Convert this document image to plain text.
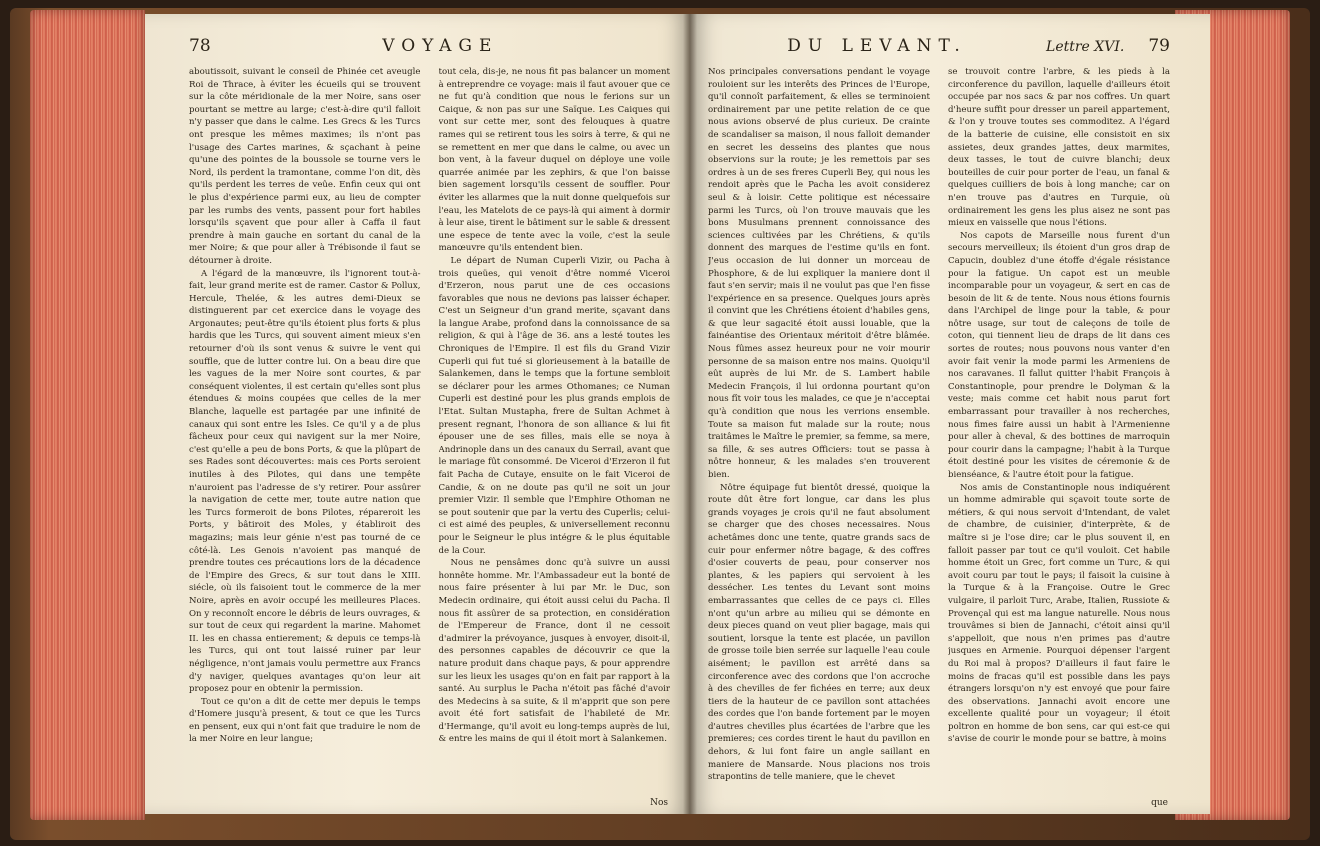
78	VOYAGE

aboutissoit, suivant le conseil de Phinée cet aveugle Roi de Thrace, à éviter les écueils qui se trouvent sur la côte méridionale de la mer Noire, sans oser pourtant se mettre au large; c'est-à-dire qu'il falloit n'y passer que dans le calme. Les Grecs & les Turcs ont presque les mêmes maximes; ils n'ont pas l'usage des Cartes marines, & sçachant à peine qu'une des pointes de la boussole se tourne vers le Nord, ils perdent la tramontane, comme l'on dit, dès qu'ils perdent les terres de veûe. Enfin ceux qui ont le plus d'expérience parmi eux, au lieu de compter par les rumbs des vents, passent pour fort habiles lorsqu'ils sçavent que pour aller à Caffa il faut prendre à main gauche en sortant du canal de la mer Noire; & que pour aller à Trébisonde il faut se détourner à droite.

A l'égard de la manœuvre, ils l'ignorent tout-à-fait, leur grand merite est de ramer. Castor & Pollux, Hercule, Thelée, & les autres demi-Dieux se distinguerent par cet exercice dans le voyage des Argonautes; peut-être qu'ils étoient plus forts & plus hardis que les Turcs, qui souvent aiment mieux s'en retourner d'où ils sont venus & suivre le vent qui souffle, que de lutter contre lui. On a beau dire que les vagues de la mer Noire sont courtes, & par conséquent violentes, il est certain qu'elles sont plus étendues & moins coupées que celles de la mer Blanche, laquelle est partagée par une infinité de canaux qui sont entre les Isles. Ce qu'il y a de plus fâcheux pour ceux qui navigent sur la mer Noire, c'est qu'elle a peu de bons Ports, & que la plûpart de ses Rades sont découvertes: mais ces Ports seroient inutiles à des Pilotes, qui dans une tempête n'auroient pas l'adresse de s'y retirer. Pour assûrer la navigation de cette mer, toute autre nation que les Turcs formeroit de bons Pilotes, répareroit les Ports, y bâtiroit des Moles, y établiroit des magazins; mais leur génie n'est pas tourné de ce côté-là. Les Genois n'avoient pas manqué de prendre toutes ces précautions lors de la décadence de l'Empire des Grecs, & sur tout dans le XIII. siécle, où ils faisoient tout le commerce de la mer Noire, après en avoir occupé les meilleures Places. On y reconnoît encore le débris de leurs ouvrages, & sur tout de ceux qui regardent la marine. Mahomet II. les en chassa entierement; & depuis ce temps-là les Turcs, qui ont tout laissé ruiner par leur négligence, n'ont jamais voulu permettre aux Francs d'y naviger, quelques avantages qu'on leur ait proposez pour en obtenir la permission.

Tout ce qu'on a dit de cette mer depuis le temps d'Homere jusqu'à present, & tout ce que les Turcs en pensent, eux qui n'ont fait que traduire le nom de la mer Noire en leur langue;

tout cela, dis-je, ne nous fit pas balancer un moment à entreprendre ce voyage: mais il faut avouer que ce ne fut qu'à condition que nous le ferions sur un Caique, & non pas sur une Saïque. Les Caiques qui vont sur cette mer, sont des felouques à quatre rames qui se retirent tous les soirs à terre, & qui ne se remettent en mer que dans le calme, ou avec un bon vent, à la faveur duquel on déploye une voile quarrée animée par les zephirs, & que l'on baisse bien sagement lorsqu'ils cessent de souffler. Pour éviter les allarmes que la nuit donne quelquefois sur l'eau, les Matelots de ce pays-là qui aiment à dormir à leur aise, tirent le bâtiment sur le sable & dressent une espece de tente avec la voile, c'est la seule manœuvre qu'ils entendent bien.

Le départ de Numan Cuperli Vizir, ou Pacha à trois queües, qui venoit d'être nommé Viceroi d'Erzeron, nous parut une de ces occasions favorables que nous ne devions pas laisser échaper. C'est un Seigneur d'un grand merite, sçavant dans la langue Arabe, profond dans la connoissance de sa religion, & qui à l'âge de 36. ans a lesté toutes les Chroniques de l'Empire. Il est fils du Grand Vizir Cuperli qui fut tué si glorieusement à la bataille de Salankemen, dans le temps que la fortune sembloit se déclarer pour les armes Othomanes; ce Numan Cuperli est destiné pour les plus grands emplois de l'Etat. Sultan Mustapha, frere de Sultan Achmet à present regnant, l'honora de son alliance & lui fit épouser une de ses filles, mais elle se noya à Andrinople dans un des canaux du Serrail, avant que le mariage fût consommé. De Viceroi d'Erzeron il fut fait Pacha de Cutaye, ensuite on le fait Viceroi de Candie, & on ne doute pas qu'il ne soit un jour premier Vizir. Il semble que l'Emphire Othoman ne se pout soutenir que par la vertu des Cuperlis; celui-ci est aimé des peuples, & universellement reconnu pour le Seigneur le plus intégre & le plus équitable de la Cour.

Nous ne pensâmes donc qu'à suivre un aussi honnête homme. Mr. l'Ambassadeur eut la bonté de nous faire présenter à lui par Mr. le Duc, son Medecin ordinaire, qui étoit aussi celui du Pacha. Il nous fit assûrer de sa protection, en considération de l'Empereur de France, dont il ne cessoit d'admirer la prévoyance, jusques à envoyer, disoit-il, des personnes capables de découvrir ce que la nature produit dans chaque pays, & pour apprendre sur les lieux les usages qu'on en fait par rapport à la santé. Au surplus le Pacha n'étoit pas fâché d'avoir des Medecins à sa suite, & il m'apprit que son pere avoit été fort satisfait de l'habileté de Mr. d'Hermange, qu'il avoit eu long-temps auprès de lui, & entre les mains de qui il étoit mort à Salankemen.

Nos
DU LEVANT.	Lettre XVI. 79

Nos principales conversations pendant le voyage rouloient sur les interêts des Princes de l'Europe, qu'il connoît parfaitement, & elles se terminoient ordinairement par une petite relation de ce que nous avions observé de plus curieux. De crainte de scandaliser sa maison, il nous falloit demander en secret les desseins des plantes que nous observions sur la route; je les remettois par ses ordres à un de ses freres Cuperli Bey, qui nous les rendoit après que le Pacha les avoit considerez seul & à loisir. Cette politique est nécessaire parmi les Turcs, où l'on trouve mauvais que les bons Musulmans prennent connoissance des sciences cultivées par les Chrétiens, & qu'ils donnent des marques de l'estime qu'ils en font. J'eus occasion de lui donner un morceau de Phosphore, & de lui expliquer la maniere dont il faut s'en servir; mais il ne voulut pas que l'en fisse l'expérience en sa presence. Quelques jours après il convint que les Chrétiens étoient d'habiles gens, & que leur sagacité étoit aussi louable, que la fainéantise des Orientaux méritoit d'être blâmée. Nous fûmes assez heureux pour ne voir mourir personne de sa maison entre nos mains. Quoiqu'il eût auprès de lui Mr. de S. Lambert habile Medecin François, il lui ordonna pourtant qu'on nous fît voir tous les malades, ce que je n'acceptai qu'à condition que nous les verrions ensemble. Toute sa maison fut malade sur la route; nous traitâmes le Maître le premier, sa femme, sa mere, sa fille, & ses autres Officiers: tout se passa à nôtre honneur, & les malades s'en trouverent bien.

Nôtre équipage fut bientôt dressé, quoique la route dût être fort longue, car dans les plus grands voyages je crois qu'il ne faut absolument se charger que des choses necessaires. Nous achetâmes donc une tente, quatre grands sacs de cuir pour enfermer nôtre bagage, & des coffres d'osier couverts de peau, pour conserver nos plantes, & les papiers qui servoient à les dessécher. Les tentes du Levant sont moins embarrassantes que celles de ce pays ci. Elles n'ont qu'un arbre au milieu qui se démonte en deux pieces quand on veut plier bagage, mais qui soutient, lorsque la tente est placée, un pavillon de grosse toile bien serrée sur laquelle l'eau coule aisément; le pavillon est arrêté dans sa circonference avec des cordons que l'on accroche à des chevilles de fer fichées en terre; aux deux tiers de la hauteur de ce pavillon sont attachées des cordes que l'on bande fortement par le moyen d'autres chevilles plus écartées de l'arbre que les premieres; ces cordes tirent le haut du pavillon en dehors, & lui font faire un angle saillant en maniere de Mansarde. Nous placions nos trois strapontins de telle maniere, que le chevet

se trouvoit contre l'arbre, & les pieds à la circonference du pavillon, laquelle d'ailleurs étoit occupée par nos sacs & par nos coffres. Un quart d'heure suffit pour dresser un pareil appartement, & l'on y trouve toutes ses commoditez. A l'égard de la batterie de cuisine, elle consistoit en six assietes, deux grandes jattes, deux marmites, deux tasses, le tout de cuivre blanchi; deux bouteilles de cuir pour porter de l'eau, un fanal & quelques cuilliers de bois à long manche; car on n'en trouve pas d'autres en Turquie, où ordinairement les gens les plus aisez ne sont pas mieux en vaisselle que nous l'étions.

Nos capots de Marseille nous furent d'un secours merveilleux; ils étoient d'un gros drap de Capucin, doublez d'une étoffe d'égale résistance pour la fatigue. Un capot est un meuble incomparable pour un voyageur, & sert en cas de besoin de lit & de tente. Nous nous étions fournis dans l'Archipel de linge pour la table, & pour nôtre usage, sur tout de caleçons de toile de coton, qui tiennent lieu de draps de lit dans ces sortes de routes; nous pouvons nous vanter d'en avoir fait venir la mode parmi les Armeniens de nos caravanes. Il fallut quitter l'habit François à Constantinople, pour prendre le Dolyman & la veste; mais comme cet habit nous parut fort embarrassant pour travailler à nos recherches, nous fimes faire aussi un habit à l'Armenienne pour aller à cheval, & des bottines de marroquin pour courir dans la campagne; l'habit à la Turque étoit destiné pour les visites de céremonie & de bienséance, & l'autre étoit pour la fatigue.

Nos amis de Constantinople nous indiquérent un homme admirable qui sçavoit toute sorte de métiers, & qui nous servoit d'Intendant, de valet de chambre, de cuisinier, d'interprète, & de maître si je l'ose dire; car le plus souvent il, en falloit passer par tout ce qu'il vouloit. Cet habile homme étoit un Grec, fort comme un Turc, & qui avoit couru par tout le pays; il faisoit la cuisine à la Turque & à la Françoise. Outre le Grec vulgaire, il parloit Turc, Arabe, Italien, Russiote & Provençal qui est ma langue naturelle. Nous nous trouvâmes si bien de Jannachi, c'étoit ainsi qu'il s'appelloit, que nous n'en primes pas d'autre jusques en Armenie. Pourquoi dépenser l'argent du Roi mal à propos? D'ailleurs il faut faire le moins de fracas qu'il est possible dans les pays étrangers lorsqu'on n'y est envoyé que pour faire des observations. Jannachi avoit encore une excellente qualité pour un voyageur; il étoit poltron en homme de bon sens, car qui est-ce qui s'avise de courir le monde pour se battre, à moins

que
